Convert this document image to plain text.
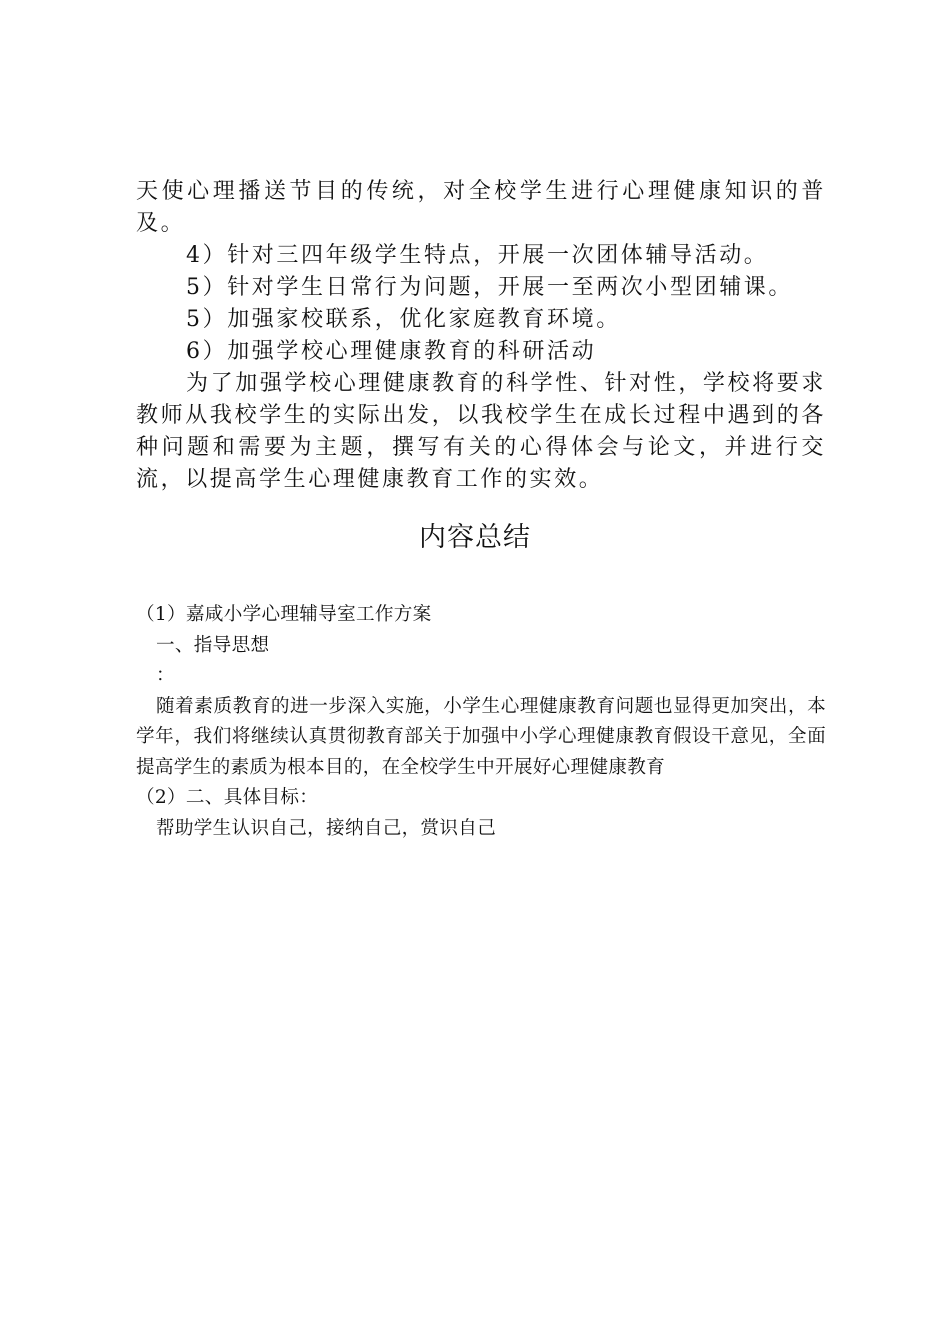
天使心理播送节目的传统，对全校学生进行心理健康知识的普及。

4）针对三四年级学生特点，开展一次团体辅导活动。

5）针对学生日常行为问题，开展一至两次小型团辅课。

5）加强家校联系，优化家庭教育环境。

6）加强学校心理健康教育的科研活动

为了加强学校心理健康教育的科学性、针对性，学校将要求教师从我校学生的实际出发，以我校学生在成长过程中遇到的各种问题和需要为主题，撰写有关的心得体会与论文，并进行交流，以提高学生心理健康教育工作的实效。

内容总结

（1）嘉咸小学心理辅导室工作方案

一、指导思想

：

随着素质教育的进一步深入实施，小学生心理健康教育问题也显得更加突出，本学年，我们将继续认真贯彻教育部关于加强中小学心理健康教育假设干意见，全面提高学生的素质为根本目的，在全校学生中开展好心理健康教育

（2）二、具体目标：

帮助学生认识自己，接纳自己，赏识自己
